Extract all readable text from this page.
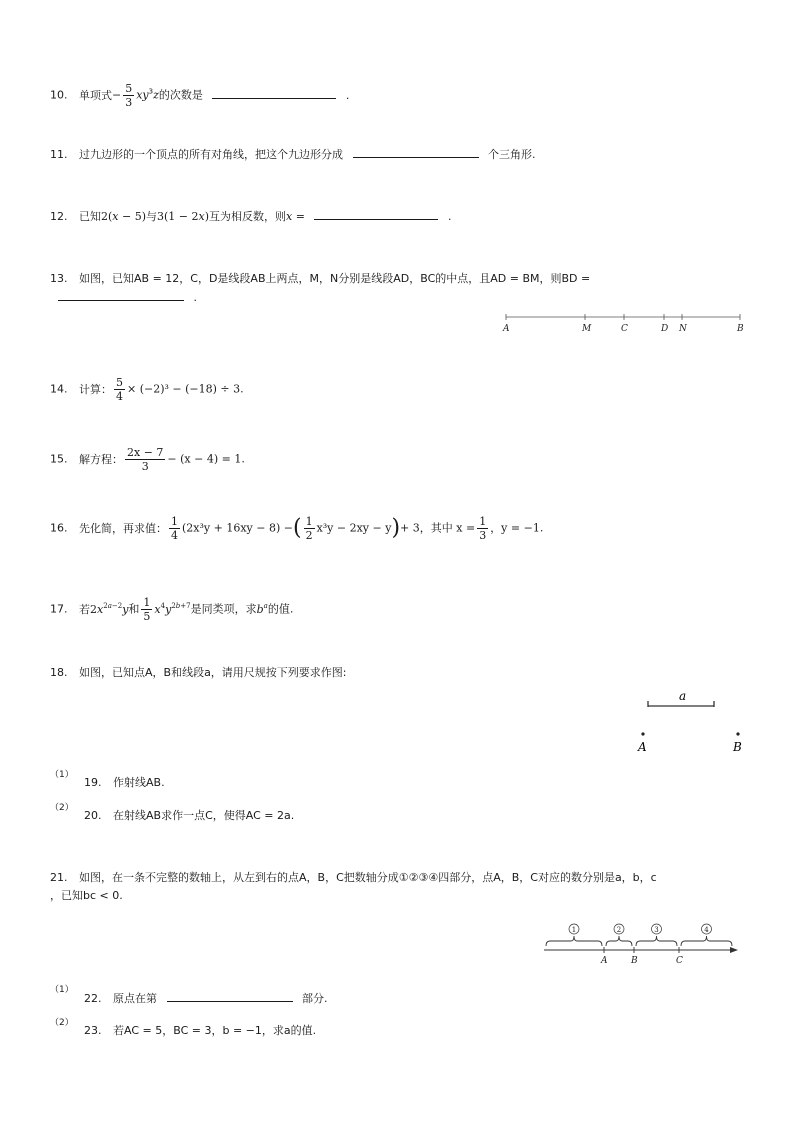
10. 单项式− $\frac{5}{3} xy^3z$的次数是	.
11. 过九边形的一个顶点的所有对角线，把这个九边形分成	个三角形.
12. 已知2(x − 5)与3(1 − 2x)互为相反数，则x =	.
13. 如图，已知AB = 12，C，D是线段AB上两点，M，N分别是线段AD，BC的中点，且AD = BM，则BD =
.
A	M	C	D N	B
14. 计算： $\frac{5}{4} \times (-2)^3 - (-18) \div 3$.
15. 解方程： $\frac{2x - 7}{3} - (x - 4) = 1$.
16. 先化简，再求值： $\frac{1}{4} (2x^3y + 16xy - 8)$ −( $\frac{1}{2} x^3y - 2xy - y)+ 3$，其中 $x = \frac{1}{3}$ ，y = −1.
17. 若$2x^{2a-2}y$和 $\frac{1}{5} x^4y^{2b+7}$是同类项，求$b^a$的值.
18. 如图，已知点A，B和线段a，请用尺规按下列要求作图:
a
A	B
（1）
19. 作射线AB.
（2）
20. 在射线AB求作一点C，使得AC = 2a.
21. 如图，在一条不完整的数轴上，从左到右的点A，B，C把数轴分成①②③④四部分，点A，B，C对应的数分别是a，b，c
，已知bc < 0.
1	2	3	4
A	B	C
（1）
22. 原点在第	部分.
（2）
23. 若AC = 5，BC = 3，b = −1，求a的值.
